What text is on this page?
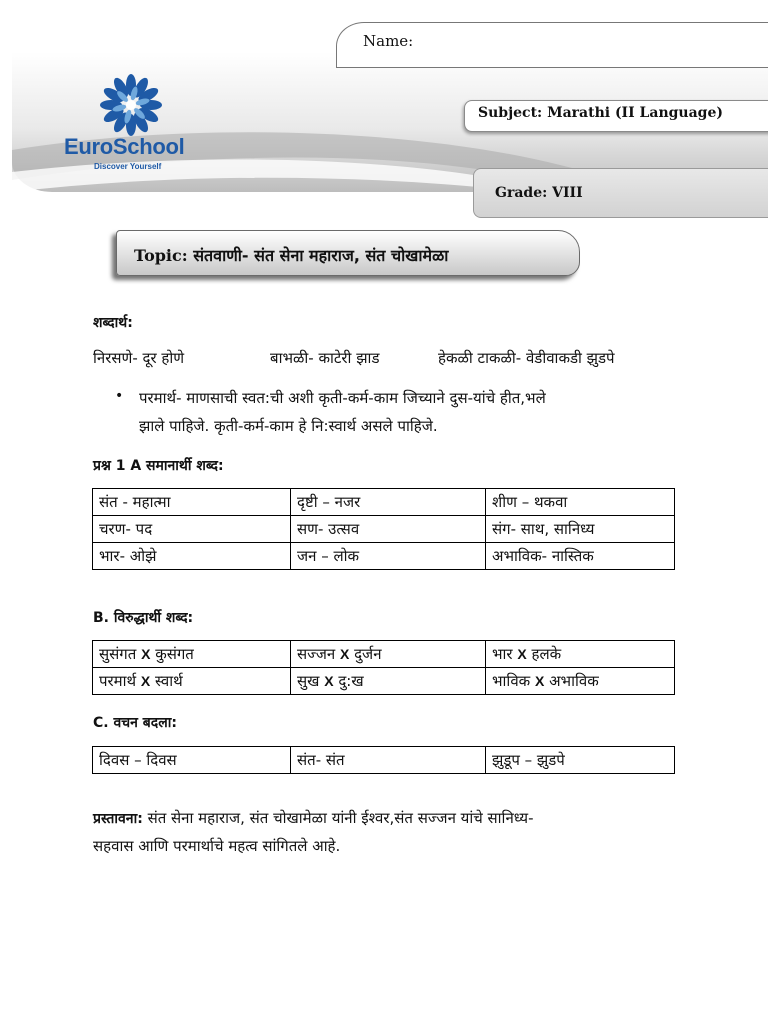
Name:
EuroSchool
Discover Yourself
Subject: Marathi (II Language)
Grade: VIII
Topic: संतवाणी- संत सेना महाराज, संत चोखामेळा
शब्दार्थ:
निरसणे- दूर होणे	बाभळी- काटेरी झाड	हेकळी टाकळी- वेडीवाकडी झुडपे
• परमार्थ- माणसाची स्वत:ची अशी कृती-कर्म-काम जिच्याने दुस-यांचे हीत,भले
झाले पाहिजे. कृती-कर्म-काम हे नि:स्वार्थ असले पाहिजे.
प्रश्न 1 A समानार्थी शब्द:
संत - महात्मा	दृष्टी – नजर	शीण – थकवा
चरण- पद	सण- उत्सव	संग- साथ, सानिध्य
भार- ओझे	जन – लोक	अभाविक- नास्तिक
B. विरुद्धार्थी शब्द:
सुसंगत X कुसंगत	सज्जन X दुर्जन	भार X हलके
परमार्थ X स्वार्थ	सुख X दु:ख	भाविक X अभाविक
C. वचन बदला:
दिवस – दिवस	संत- संत	झुडूप – झुडपे
प्रस्तावना: संत सेना महाराज, संत चोखामेळा यांनी ईश्वर,संत सज्जन यांचे सानिध्य-
सहवास आणि परमार्थाचे महत्व सांगितले आहे.
